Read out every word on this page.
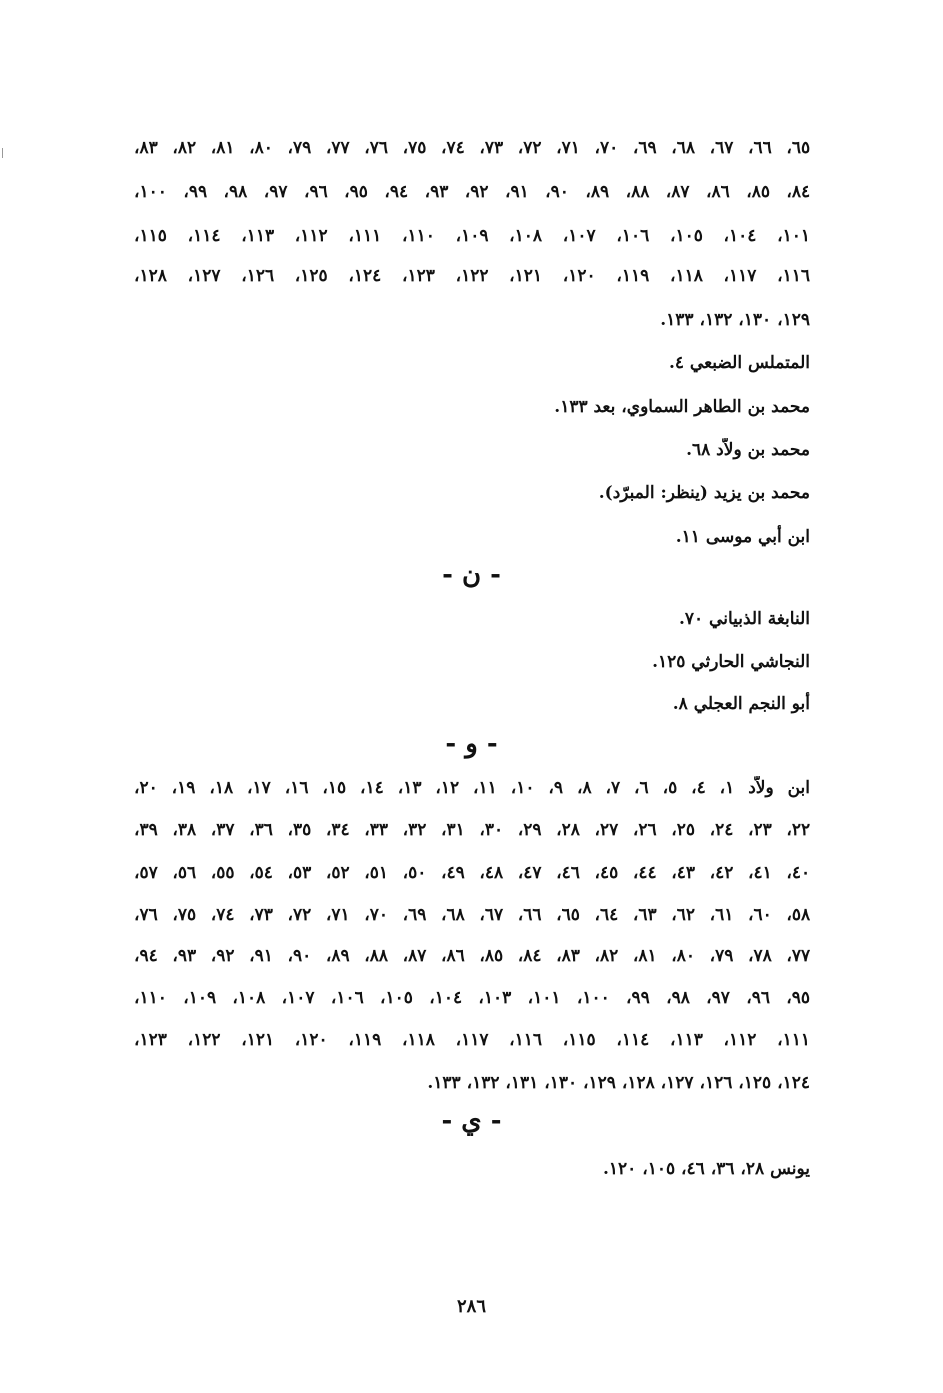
٦٥، ٦٦، ٦٧، ٦٨، ٦٩، ٧٠، ٧١، ٧٢، ٧٣، ٧٤، ٧٥، ٧٦، ٧٧، ٧٩، ٨٠، ٨١، ٨٢، ٨٣،
٨٤، ٨٥، ٨٦، ٨٧، ٨٨، ٨٩، ٩٠، ٩١، ٩٢، ٩٣، ٩٤، ٩٥، ٩٦، ٩٧، ٩٨، ٩٩، ١٠٠،
١٠١، ١٠٤، ١٠٥، ١٠٦، ١٠٧، ١٠٨، ١٠٩، ١١٠، ١١١، ١١٢، ١١٣، ١١٤، ١١٥،
١١٦، ١١٧، ١١٨، ١١٩، ١٢٠، ١٢١، ١٢٢، ١٢٣، ١٢٤، ١٢٥، ١٢٦، ١٢٧، ١٢٨،
١٢٩، ١٣٠، ١٣٢، ١٣٣.
المتملس الضبعي ٤.
محمد بن الطاهر السماوي، بعد ١٣٣.
محمد بن ولاّد ٦٨.
محمد بن يزيد (ينظر: المبرّد).
ابن أبي موسى ١١.
- ن -
النابغة الذبياني ٧٠.
النجاشي الحارثي ١٢٥.
أبو النجم العجلي ٨.
- و -
ابن ولاّد ١، ٤، ٥، ٦، ٧، ٨، ٩، ١٠، ١١، ١٢، ١٣، ١٤، ١٥، ١٦، ١٧، ١٨، ١٩، ٢٠،
٢٢، ٢٣، ٢٤، ٢٥، ٢٦، ٢٧، ٢٨، ٢٩، ٣٠، ٣١، ٣٢، ٣٣، ٣٤، ٣٥، ٣٦، ٣٧، ٣٨، ٣٩،
٤٠، ٤١، ٤٢، ٤٣، ٤٤، ٤٥، ٤٦، ٤٧، ٤٨، ٤٩، ٥٠، ٥١، ٥٢، ٥٣، ٥٤، ٥٥، ٥٦، ٥٧،
٥٨، ٦٠، ٦١، ٦٢، ٦٣، ٦٤، ٦٥، ٦٦، ٦٧، ٦٨، ٦٩، ٧٠، ٧١، ٧٢، ٧٣، ٧٤، ٧٥، ٧٦،
٧٧، ٧٨، ٧٩، ٨٠، ٨١، ٨٢، ٨٣، ٨٤، ٨٥، ٨٦، ٨٧، ٨٨، ٨٩، ٩٠، ٩١، ٩٢، ٩٣، ٩٤،
٩٥، ٩٦، ٩٧، ٩٨، ٩٩، ١٠٠، ١٠١، ١٠٣، ١٠٤، ١٠٥، ١٠٦، ١٠٧، ١٠٨، ١٠٩، ١١٠،
١١١، ١١٢، ١١٣، ١١٤، ١١٥، ١١٦، ١١٧، ١١٨، ١١٩، ١٢٠، ١٢١، ١٢٢، ١٢٣،
١٢٤، ١٢٥، ١٢٦، ١٢٧، ١٢٨، ١٢٩، ١٣٠، ١٣١، ١٣٢، ١٣٣.
- ي -
يونس ٢٨، ٣٦، ٤٦، ١٠٥، ١٢٠.
٢٨٦
